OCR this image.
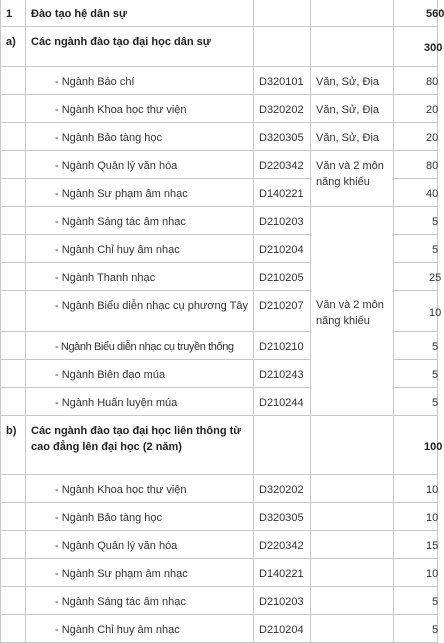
1	Đào tạo hệ dân sự			560
a)	Các ngành đào tạo đại học dân sự			300
	- Ngành Báo chí	D320101	Văn, Sử, Địa	80
	- Ngành Khoa học thư viện	D320202	Văn, Sử, Địa	20
	- Ngành Bảo tàng học	D320305	Văn, Sử, Địa	20
	- Ngành Quản lý văn hóa	D220342	Văn và 2 môn năng khiếu	80
	- Ngành Sư phạm âm nhạc	D140221		40
	- Ngành Sáng tác âm nhạc	D210203	Văn và 2 môn năng khiếu	5
	- Ngành Chỉ huy âm nhạc	D210204		5
	- Ngành Thanh nhạc	D210205		25
	- Ngành Biểu diễn nhạc cụ phương Tây	D210207		10
	- Ngành Biểu diễn nhạc cụ truyền thống	D210210		5
	- Ngành Biên đạo múa	D210243		5
	- Ngành Huấn luyện múa	D210244		5
b)	Các ngành đào tạo đại học liên thông từ cao đẳng lên đại học (2 năm)			100
	- Ngành Khoa học thư viện	D320202		10
	- Ngành Bảo tàng học	D320305		10
	- Ngành Quản lý văn hóa	D220342		15
	- Ngành Sư phạm âm nhạc	D140221		10
	- Ngành Sáng tác âm nhạc	D210203		5
	- Ngành Chỉ huy âm nhạc	D210204		5
